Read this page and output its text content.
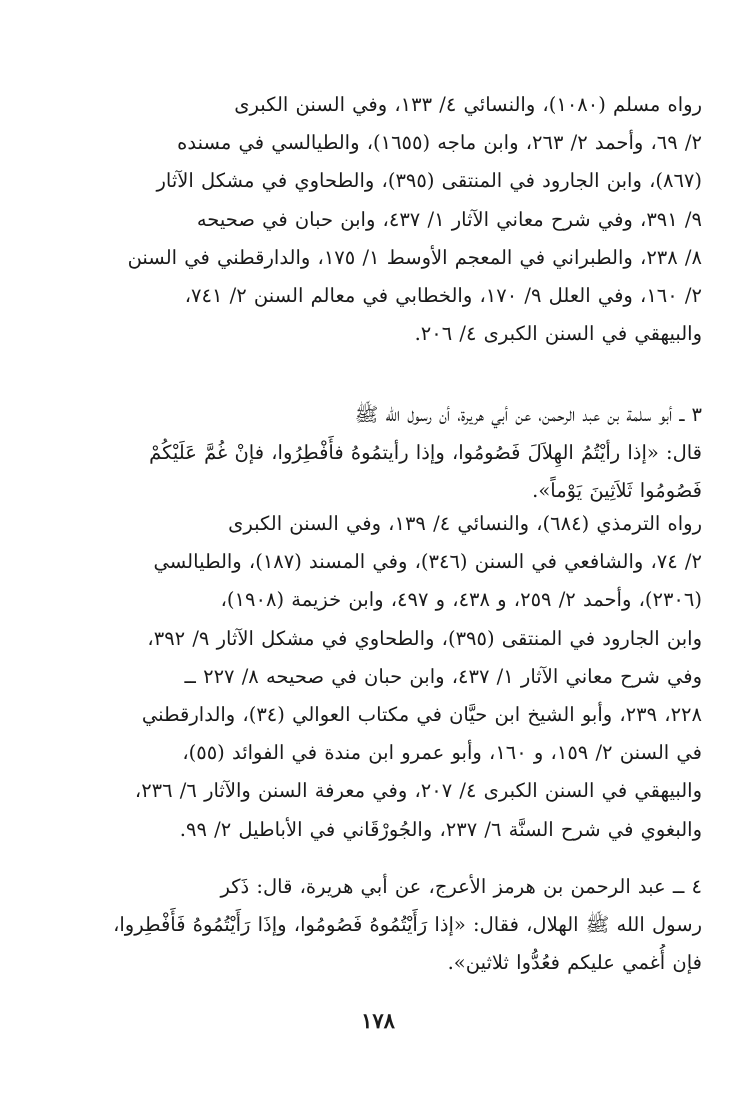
رواه مسلم (١٠٨٠)، والنسائي ٤/ ١٣٣، وفي السنن الكبرى
٢/ ٦٩، وأحمد ٢/ ٢٦٣، وابن ماجه (١٦٥٥)، والطيالسي في مسنده
(٨٦٧)، وابن الجارود في المنتقى (٣٩٥)، والطحاوي في مشكل الآثار
٩/ ٣٩١، وفي شرح معاني الآثار ١/ ٤٣٧، وابن حبان في صحيحه
٨/ ٢٣٨، والطبراني في المعجم الأوسط ١/ ١٧٥، والدارقطني في السنن
٢/ ١٦٠، وفي العلل ٩/ ١٧٠، والخطابي في معالم السنن ٢/ ٧٤١،
والبيهقي في السنن الكبرى ٤/ ٢٠٦.
٣ ــ أبو سلمة بن عبد الرحمن، عن أبي هريرة، أن رسول الله ﷺ
قال: «إذا رأيْتُمُ الهِلاَلَ فَصُومُوا، وإذا رأيتمُوهُ فأَفْطِرُوا، فإنْ غُمَّ عَلَيْكُمْ
فَصُومُوا ثَلاَثِينَ يَوْماً».
رواه الترمذي (٦٨٤)، والنسائي ٤/ ١٣٩، وفي السنن الكبرى
٢/ ٧٤، والشافعي في السنن (٣٤٦)، وفي المسند (١٨٧)، والطيالسي
(٢٣٠٦)، وأحمد ٢/ ٢٥٩، و ٤٣٨، و ٤٩٧، وابن خزيمة (١٩٠٨)،
وابن الجارود في المنتقى (٣٩٥)، والطحاوي في مشكل الآثار ٩/ ٣٩٢،
وفي شرح معاني الآثار ١/ ٤٣٧، وابن حبان في صحيحه ٨/ ٢٢٧ ــ
٢٢٨، ٢٣٩، وأبو الشيخ ابن حيَّان في مكتاب العوالي (٣٤)، والدارقطني
في السنن ٢/ ١٥٩، و ١٦٠، وأبو عمرو ابن مندة في الفوائد (٥٥)،
والبيهقي في السنن الكبرى ٤/ ٢٠٧، وفي معرفة السنن والآثار ٦/ ٢٣٦،
والبغوي في شرح السنَّة ٦/ ٢٣٧، والجُورْقَاني في الأباطيل ٢/ ٩٩.
٤ ــ عبد الرحمن بن هرمز الأعرج، عن أبي هريرة، قال: ذَكر
رسول الله ﷺ الهلال، فقال: «إذا رَأَيْتُمُوهُ فَصُومُوا، وإذَا رَأَيْتُمُوهُ فَأَفْطِروا،
فإن أُغمي عليكم فعُدُّوا ثلاثين».
١٧٨
